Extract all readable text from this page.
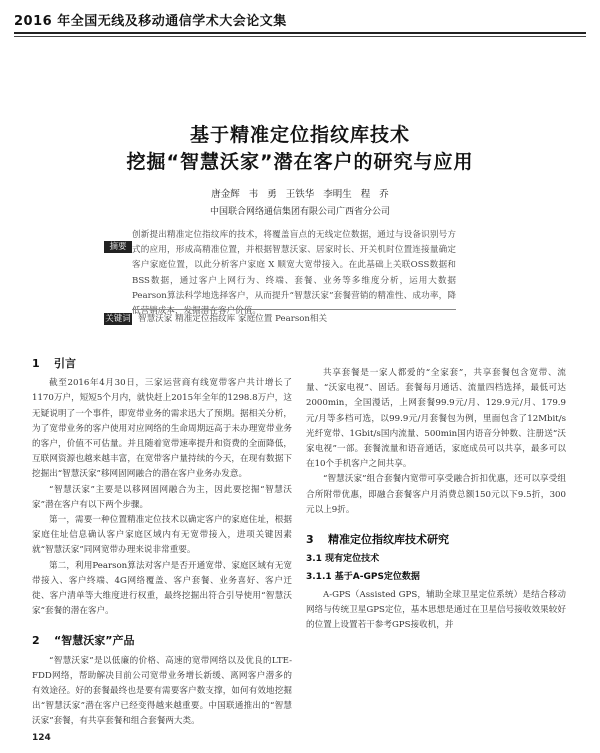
2016 年全国无线及移动通信学术大会论文集
基于精准定位指纹库技术
挖掘“智慧沃家”潜在客户的研究与应用
唐金辉 韦 勇 王铁华 李明生 程 乔
中国联合网络通信集团有限公司广西省分公司
摘要
创新提出精准定位指纹库的技术，将覆盖盲点的无线定位数据，通过与设备识别号方式的应用，形成高精准位置，并根据智慧沃家、居家时长、开关机时位置连接量确定客户家庭位置，以此分析客户家庭 X 顺宽大宽带接入。在此基础上关联OSS数据和BSS数据，通过客户上网行为、终端、套餐、业务等多维度分析，运用大数据Pearson算法科学地选择客户，从而提升“智慧沃家”套餐营销的精准性、成功率，降低营销成本，发掘潜在客户价值。
关键词 智慧沃家 精准定位指纹库 家庭位置 Pearson相关
1 引言

截至2016年4月30日，三家运营商有线宽带客户共计增长了1170万户，短短5个月内，就快赶上2015年全年的1298.8万户，这无疑说明了一个事件，即宽带业务的需求迅大了预期。据相关分析，为了宽带业务的客户使用对应网络的生命周期远高于未办理宽带业务的客户，价值不可估量。并且随着宽带速率提升和资费的全面降低，互联网资源也越来越丰富，在宽带客户量持续的今天，在现有数据下挖掘出“智慧沃家”移网固网融合的潜在客户业务办发意。

“智慧沃家”主要是以移网固网融合为主，因此要挖掘“智慧沃家”潜在客户有以下两个步骤。

第一，需要一种位置精准定位技术以确定客户的家庭住址，根据家庭住址信息确认客户家庭区域内有无宽带接入，进项关键因素就“智慧沃家”同网宽带办理来说非常重要。

第二，利用Pearson算法对客户是否开通宽带、家庭区域有无宽带接入、客户终端、4G网络覆盖、客户套餐、业务喜好、客户迁徙、客户清单等大维度进行权重，最终挖掘出符合引导使用“智慧沃家”套餐的潜在客户。

2 “智慧沃家”产品

“智慧沃家”是以低廉的价格、高速的宽带网络以及优良的LTE-FDD网络，帮助解决目前公司宽带业务增长新缓、离网客户潜多的有效途径。好的套餐最终也是要有需要客户数支撑，如何有效地挖掘出“智慧沃家”潜在客户已经变得越来越重要。中国联通推出的“智慧沃家”套餐，有共享套餐和组合套餐两大类。

共享套餐是一家人都爱的“全家套”，共享套餐包含宽带、流量、“沃家电视”、固话。套餐每月通话、流量四档选择，最低可达2000min，全国漫话，上网套餐99.9元/月、129.9元/月、179.9元/月等多档可选，以99.9元/月套餐包为例，里面包含了12Mbit/s光纤宽带、1Gbit/s国内流量、500min国内语音分钟数、注册送“沃家电视”一部。套餐流量和语音通话，家庭成员可以共享，最多可以在10个手机客户之间共享。

“智慧沃家”组合套餐内宽带可享受融合折扣优惠，还可以享受组合所附带优惠，即融合套餐客户月消费总额150元以下9.5折，300元以上9折。

3 精准定位指纹库技术研究
3.1 现有定位技术
3.1.1 基于A-GPS定位数据

A-GPS（Assisted GPS，辅助全球卫星定位系统）是结合移动网络与传统卫星GPS定位，基本思想是通过在卫星信号接收效果较好的位置上设置若干参考GPS接收机，并

124
